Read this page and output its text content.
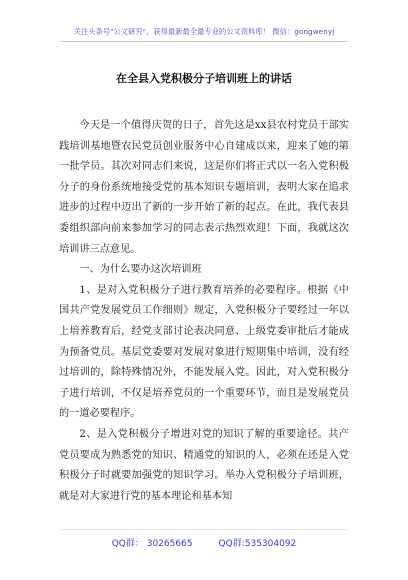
关注头条号"公文研究"，获得最新最全最专业的公文资料库！ 微信：gongwenyj
在全县入党积极分子培训班上的讲话

今天是一个值得庆贺的日子，首先这是xx县农村党员干部实践培训基地暨农民党员创业服务中心自建成以来，迎来了她的第一批学员。其次对同志们来说，这是你们将正式以一名入党积极分子的身份系统地接受党的基本知识专题培训，表明大家在追求进步的过程中迈出了新的一步开始了新的起点。在此，我代表县委组织部向前来参加学习的同志表示热烈欢迎！下面，我就这次培训讲三点意见。

一、为什么要办这次培训班

1、是对入党积极分子进行教育培养的必要程序。根据《中国共产党发展党员工作细则》规定，入党积极分子要经过一年以上培养教育后，经党支部讨论表决同意、上级党委审批后才能成为预备党员。基层党委要对发展对象进行短期集中培训，没有经过培训的，除特殊情况外，不能发展入党。因此，对入党积极分子进行培训，不仅是培养党员的一个重要环节，而且是发展党员的一道必要程序。

2、是入党积极分子增进对党的知识了解的重要途径。共产党员要成为熟悉党的知识、精通党的知识的人，必须在还是入党积极分子时就要加强党的知识学习。举办入党积极分子培训班，就是对大家进行党的基本理论和基本知

QQ群： 30265665	QQ群:535304092
